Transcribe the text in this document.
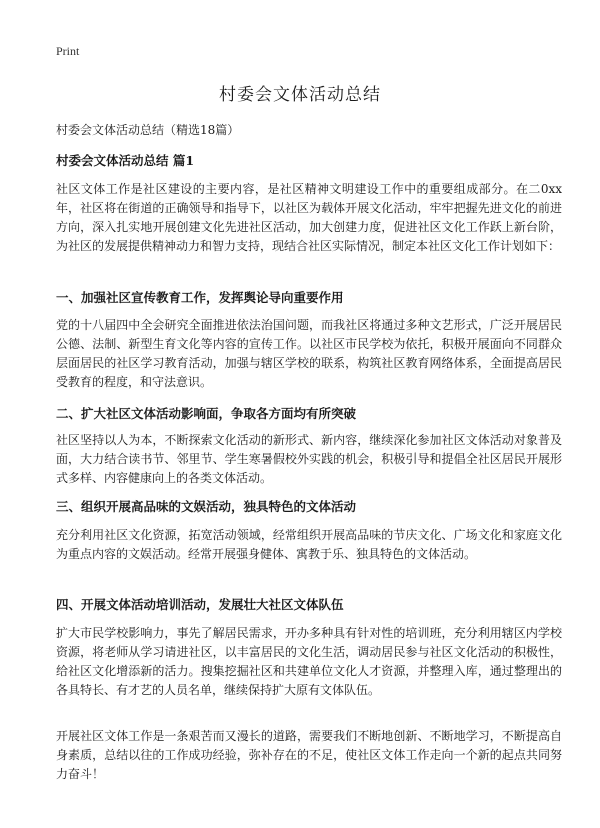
Print
村委会文体活动总结

村委会文体活动总结（精选18篇）

村委会文体活动总结 篇1

社区文体工作是社区建设的主要内容，是社区精神文明建设工作中的重要组成部分。在二0xx年，社区将在街道的正确领导和指导下，以社区为载体开展文化活动，牢牢把握先进文化的前进方向，深入扎实地开展创建文化先进社区活动，加大创建力度，促进社区文化工作跃上新台阶，为社区的发展提供精神动力和智力支持，现结合社区实际情况，制定本社区文化工作计划如下：

一、加强社区宣传教育工作，发挥舆论导向重要作用

党的十八届四中全会研究全面推进依法治国问题，而我社区将通过多种文艺形式，广泛开展居民公德、法制、新型生育文化等内容的宣传工作。以社区市民学校为依托，积极开展面向不同群众层面居民的社区学习教育活动，加强与辖区学校的联系，构筑社区教育网络体系，全面提高居民受教育的程度，和守法意识。

二、扩大社区文体活动影响面，争取各方面均有所突破

社区坚持以人为本，不断探索文化活动的新形式、新内容，继续深化参加社区文体活动对象普及面，大力结合读书节、邻里节、学生寒暑假校外实践的机会，积极引导和提倡全社区居民开展形式多样、内容健康向上的各类文体活动。

三、组织开展高品味的文娱活动，独具特色的文体活动

充分利用社区文化资源，拓宽活动领域，经常组织开展高品味的节庆文化、广场文化和家庭文化为重点内容的文娱活动。经常开展强身健体、寓教于乐、独具特色的文体活动。

四、开展文体活动培训活动，发展壮大社区文体队伍

扩大市民学校影响力，事先了解居民需求，开办多种具有针对性的培训班，充分利用辖区内学校资源，将老师从学习请进社区，以丰富居民的文化生活，调动居民参与社区文化活动的积极性，给社区文化增添新的活力。搜集挖掘社区和共建单位文化人才资源，并整理入库，通过整理出的各具特长、有才艺的人员名单，继续保持扩大原有文体队伍。

开展社区文体工作是一条艰苦而又漫长的道路，需要我们不断地创新、不断地学习，不断提高自身素质，总结以往的工作成功经验，弥补存在的不足，使社区文体工作走向一个新的起点共同努力奋斗！
